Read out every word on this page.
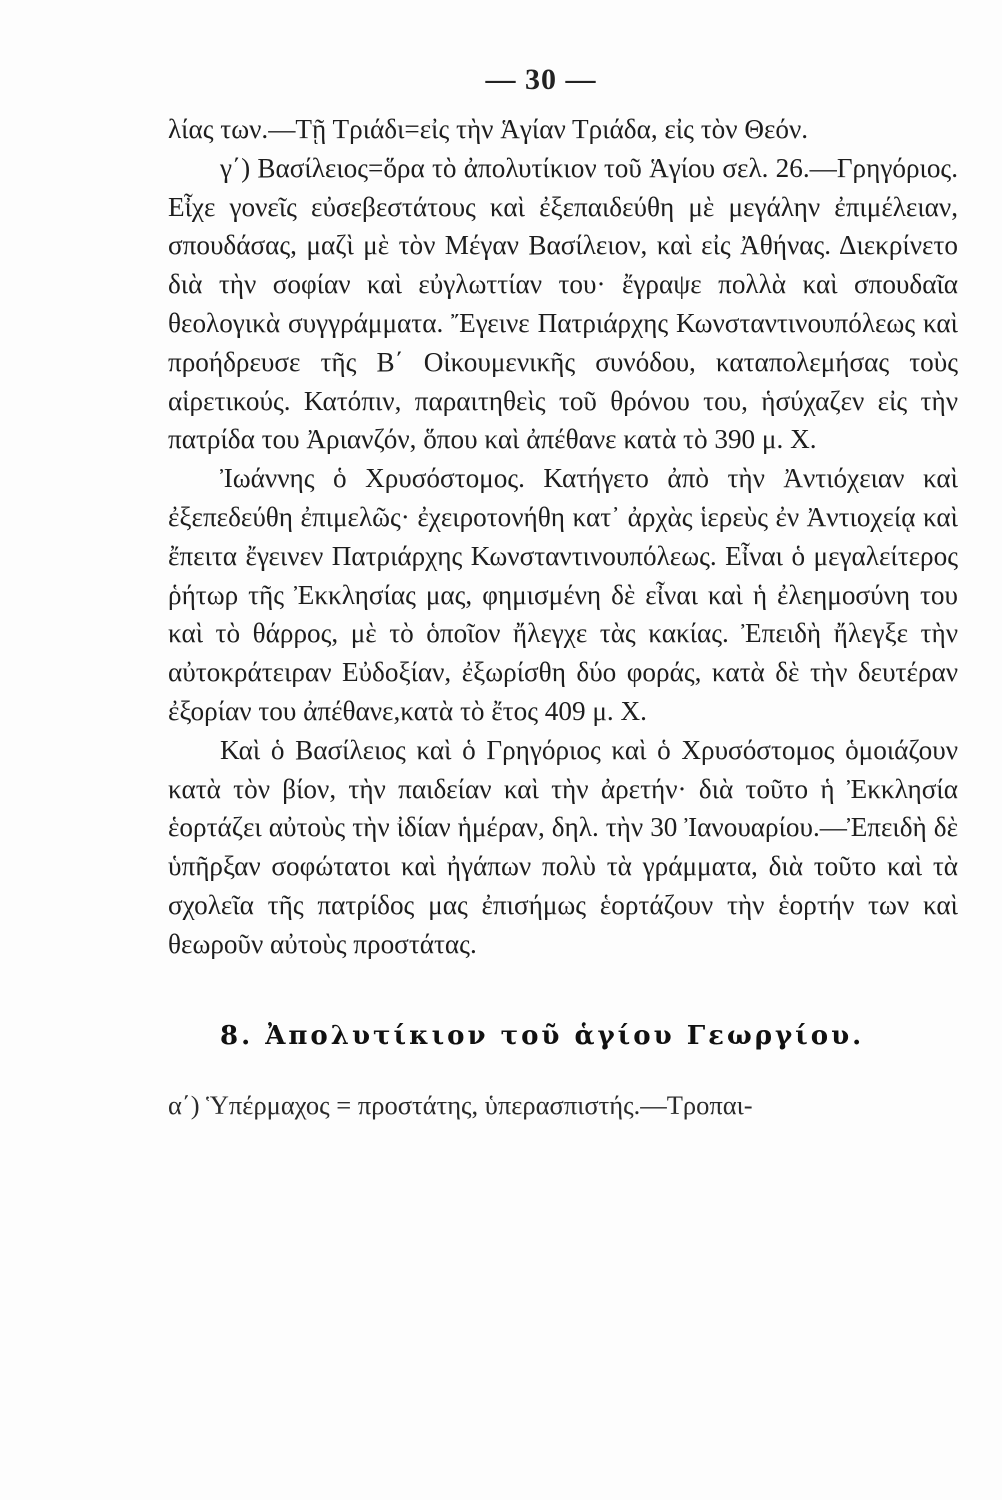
— 30 —

λίας των.—Τῇ Τριάδι=εἰς τὴν Ἁγίαν Τριάδα, εἰς τὸν Θεόν.

γ΄) Βασίλειος=ὅρα τὸ ἀπολυτίκιον τοῦ Ἁγίου σελ. 26.—Γρηγόριος. Εἶχε γονεῖς εὐσεβεστάτους καὶ ἐξεπαιδεύθη μὲ μεγάλην ἐπιμέλειαν, σπουδάσας, μαζὶ μὲ τὸν Μέγαν Βασίλειον, καὶ εἰς Ἀθήνας. Διεκρίνετο διὰ τὴν σοφίαν καὶ εὐγλωττίαν του· ἔγραψε πολλὰ καὶ σπουδαῖα θεολογικὰ συγγράμματα. Ἔγεινε Πατριάρχης Κωνσταντινουπόλεως καὶ προήδρευσε τῆς Β΄ Οἰκουμενικῆς συνόδου, καταπολεμήσας τοὺς αἱρετικούς. Κατόπιν, παραιτηθεὶς τοῦ θρόνου του, ἡσύχαζεν εἰς τὴν πατρίδα του Ἀριανζόν, ὅπου καὶ ἀπέθανε κατὰ τὸ 390 μ. Χ.

Ἰωάννης ὁ Χρυσόστομος. Κατήγετο ἀπὸ τὴν Ἀντιόχειαν καὶ ἐξεπεδεύθη ἐπιμελῶς· ἐχειροτονήθη κατ᾿ ἀρχὰς ἱερεὺς ἐν Ἀντιοχείᾳ καὶ ἔπειτα ἔγεινεν Πατριάρχης Κωνσταντινουπόλεως. Εἶναι ὁ μεγαλείτερος ῥήτωρ τῆς Ἐκκλησίας μας, φημισμένη δὲ εἶναι καὶ ἡ ἐλεημοσύνη του καὶ τὸ θάρρος, μὲ τὸ ὁποῖον ἤλεγχε τὰς κακίας. Ἐπειδὴ ἤλεγξε τὴν αὐτοκράτειραν Εὐδοξίαν, ἐξωρίσθη δύο φοράς, κατὰ δὲ τὴν δευτέραν ἐξορίαν του ἀπέθανε,κατὰ τὸ ἔτος 409 μ. Χ.

Καὶ ὁ Βασίλειος καὶ ὁ Γρηγόριος καὶ ὁ Χρυσόστομος ὁμοιάζουν κατὰ τὸν βίον, τὴν παιδείαν καὶ τὴν ἀρετήν· διὰ τοῦτο ἡ Ἐκκλησία ἑορτάζει αὐτοὺς τὴν ἰδίαν ἡμέραν, δηλ. τὴν 30 Ἰανουαρίου.—Ἐπειδὴ δὲ ὑπῆρξαν σοφώτατοι καὶ ἠγάπων πολὺ τὰ γράμματα, διὰ τοῦτο καὶ τὰ σχολεῖα τῆς πατρίδος μας ἐπισήμως ἑορτάζουν τὴν ἑορτήν των καὶ θεωροῦν αὐτοὺς προστάτας.

8. Ἀπολυτίκιον τοῦ ἁγίου Γεωργίου.
α΄) Ὑπέρμαχος = προστάτης, ὑπερασπιστής.—Τροπαι-
